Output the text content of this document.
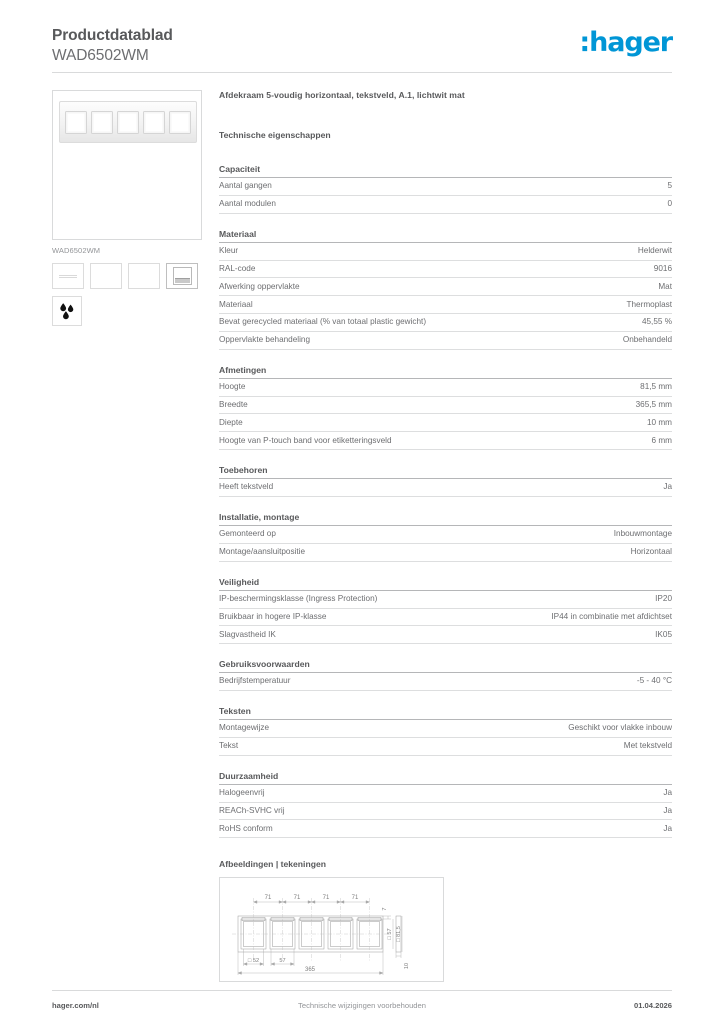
Productdatablad
WAD6502WM	:hager
WAD6502WM
Afdekraam 5-voudig horizontaal, tekstveld, A.1, lichtwit mat
Technische eigenschappen
Capaciteit
Aantal gangen	5
Aantal modulen	0
Materiaal
Kleur	Helderwit
RAL-code	9016
Afwerking oppervlakte	Mat
Materiaal	Thermoplast
Bevat gerecycled materiaal (% van totaal plastic gewicht)	45,55 %
Oppervlakte behandeling	Onbehandeld
Afmetingen
Hoogte	81,5 mm
Breedte	365,5 mm
Diepte	10 mm
Hoogte van P-touch band voor etiketteringsveld	6 mm
Toebehoren
Heeft tekstveld	Ja
Installatie, montage
Gemonteerd op	Inbouwmontage
Montage/aansluitpositie	Horizontaal
Veiligheid
IP-beschermingsklasse (Ingress Protection)	IP20
Bruikbaar in hogere IP-klasse	IP44 in combinatie met afdichtset
Slagvastheid IK	IK05
Gebruiksvoorwaarden
Bedrijfstemperatuur	-5 - 40 °C
Teksten
Montagewijze	Geschikt voor vlakke inbouw
Tekst	Met tekstveld
Duurzaamheid
Halogeenvrij	Ja
REACh-SVHC vrij	Ja
RoHS conform	Ja
Afbeeldingen | tekeningen
71	71	71	71
365
□ 52	57
7
□ 57 □ 81,5
10
hager.com/nl	Technische wijzigingen voorbehouden	01.04.2026
